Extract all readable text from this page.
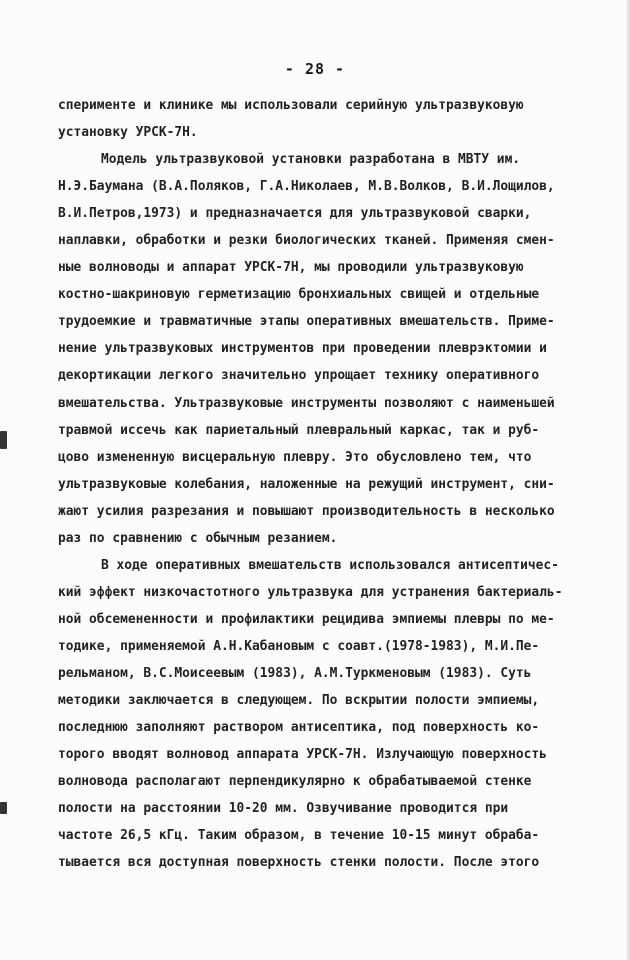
- 28 -
сперименте и клинике мы использовали серийную ультразвуковую
установку УРСК-7Н.
Модель ультразвуковой установки разработана в МВТУ им.
Н.Э.Баумана (В.А.Поляков, Г.А.Николаев, М.В.Волков, В.И.Лощилов,
В.И.Петров,1973) и предназначается для ультразвуковой сварки,
наплавки, обработки и резки биологических тканей. Применяя смен-
ные волноводы и аппарат УРСК-7Н, мы проводили ультразвуковую
костно-шакриновую герметизацию бронхиальных свищей и отдельные
трудоемкие и травматичные этапы оперативных вмешательств. Приме-
нение ультразвуковых инструментов при проведении плеврэктомии и
декортикации легкого значительно упрощает технику оперативного
вмешательства. Ультразвуковые инструменты позволяют с наименьшей
травмой иссечь как париетальный плевральный каркас, так и руб-
цово измененную висцеральную плевру. Это обусловлено тем, что
ультразвуковые колебания, наложенные на режущий инструмент, сни-
жают усилия разрезания и повышают производительность в несколько
раз по сравнению с обычным резанием.
В ходе оперативных вмешательств использовался антисептичес-
кий эффект низкочастотного ультразвука для устранения бактериаль-
ной обсемененности и профилактики рецидива эмпиемы плевры по ме-
тодике, применяемой А.Н.Кабановым с соавт.(1978-1983), М.И.Пе-
рельманом, В.С.Моисеевым (1983), А.М.Туркменовым (1983). Суть
методики заключается в следующем. По вскрытии полости эмпиемы,
последнюю заполняют раствором антисептика, под поверхность ко-
торого вводят волновод аппарата УРСК-7Н. Излучающую поверхность
волновода располагают перпендикулярно к обрабатываемой стенке
полости на расстоянии 10-20 мм. Озвучивание проводится при
частоте 26,5 кГц. Таким образом, в течение 10-15 минут обраба-
тывается вся доступная поверхность стенки полости. После этого
